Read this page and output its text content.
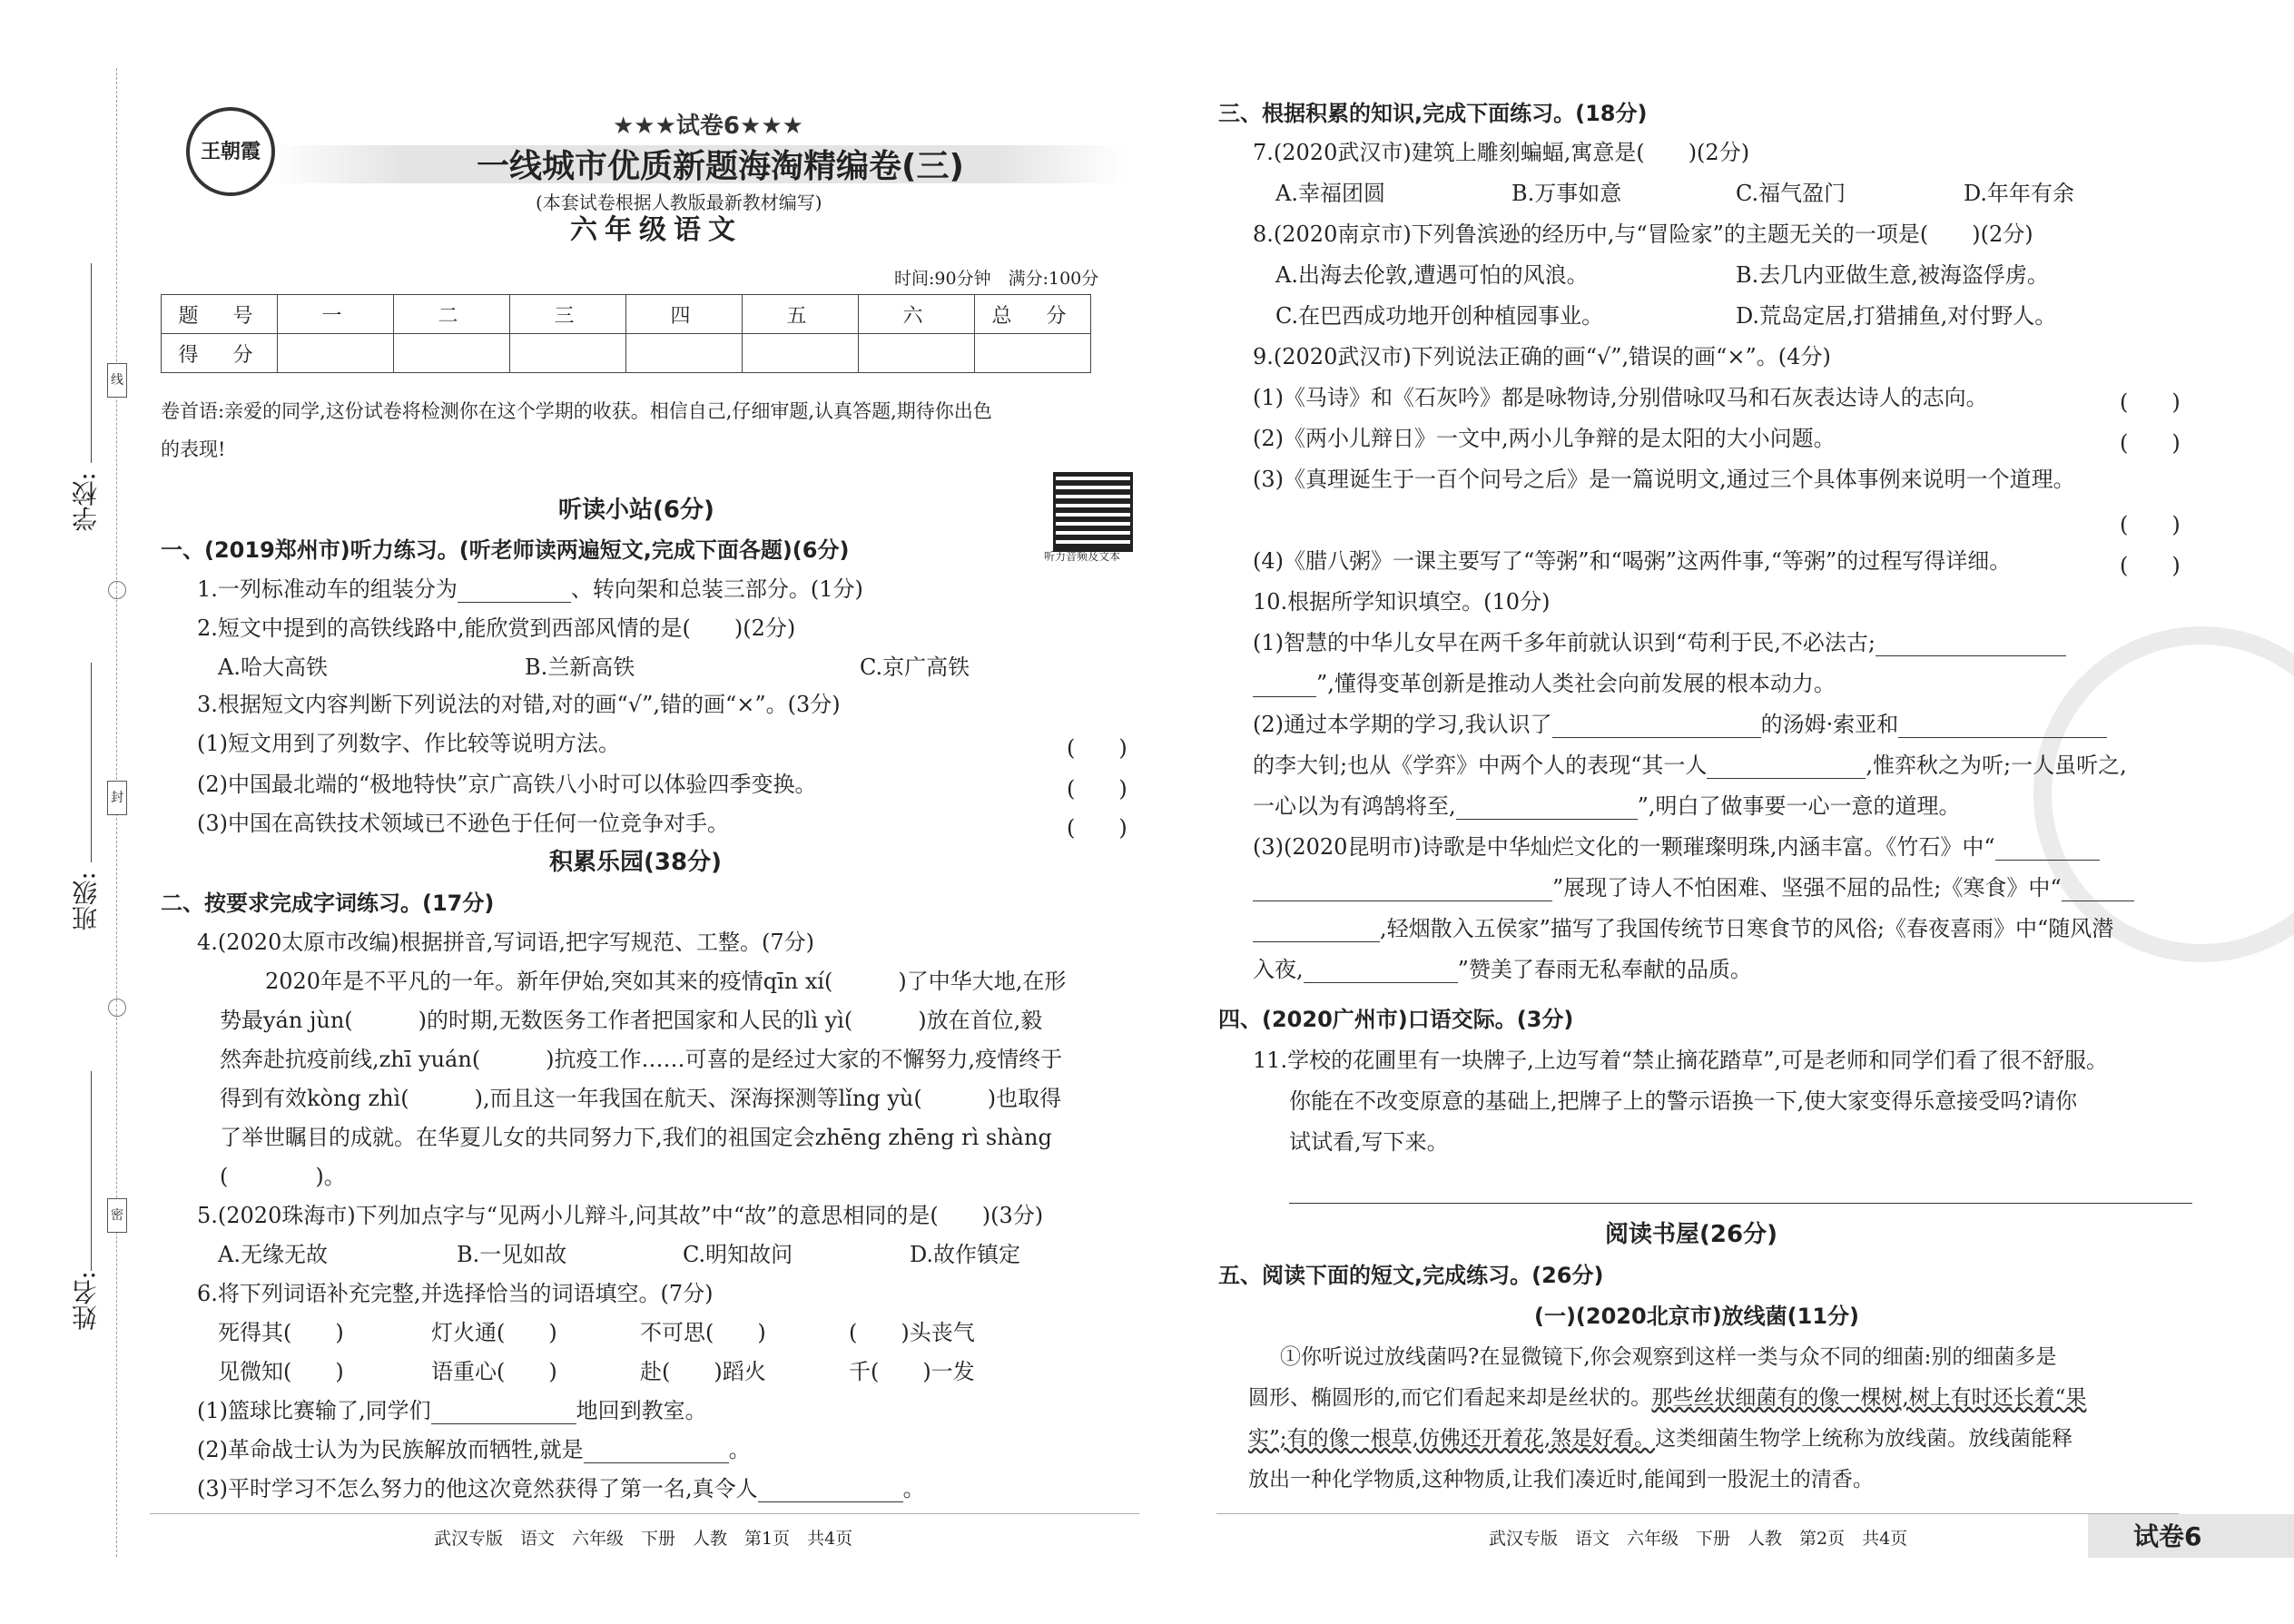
线
封
密
学校:
班级:
姓名:
王朝霞
★★★试卷6★★★
一线城市优质新题海淘精编卷(三)
(本套试卷根据人教版最新教材编写)
六年级语文
时间:90分钟　满分:100分
题　号	一	二	三	四	五	六	总　分
得　分							
卷首语:亲爱的同学,这份试卷将检测你在这个学期的收获。相信自己,仔细审题,认真答题,期待你出色
的表现!
听力音频及文本
听读小站(6分)
一、(2019郑州市)听力练习。(听老师读两遍短文,完成下面各题)(6分)
1.一列标准动车的组装分为	、转向架和总装三部分。(1分)
2.短文中提到的高铁线路中,能欣赏到西部风情的是(　　)(2分)
A.哈大高铁	B.兰新高铁	C.京广高铁
3.根据短文内容判断下列说法的对错,对的画“√”,错的画“×”。(3分)
(1)短文用到了列数字、作比较等说明方法。	(　　)
(2)中国最北端的“极地特快”京广高铁八小时可以体验四季变换。	(　　)
(3)中国在高铁技术领域已不逊色于任何一位竞争对手。	(　　)
积累乐园(38分)
二、按要求完成字词练习。(17分)
4.(2020太原市改编)根据拼音,写词语,把字写规范、工整。(7分)
2020年是不平凡的一年。新年伊始,突如其来的疫情qīn xí(　　　)了中华大地,在形
势最yán jùn(　　　)的时期,无数医务工作者把国家和人民的lì yì(　　　)放在首位,毅
然奔赴抗疫前线,zhī yuán(　　　)抗疫工作……可喜的是经过大家的不懈努力,疫情终于
得到有效kòng zhì(　　　),而且这一年我国在航天、深海探测等lǐng yù(　　　)也取得
了举世瞩目的成就。在华夏儿女的共同努力下,我们的祖国定会zhēng zhēng rì shàng
(　　　　)。
5.(2020珠海市)下列加点字与“见两小儿辩斗,问其故”中“故”的意思相同的是(　　)(3分)
A.无缘无故	B.一见如故	C.明知故问	D.故作镇定
6.将下列词语补充完整,并选择恰当的词语填空。(7分)
死得其(　　)	灯火通(　　)	不可思(　　)	(　　)头丧气
见微知(　　)	语重心(　　)	赴(　　)蹈火	千(　　)一发
(1)篮球比赛输了,同学们	地回到教室。
(2)革命战士认为为民族解放而牺牲,就是	。
(3)平时学习不怎么努力的他这次竟然获得了第一名,真令人	。
武汉专版　语文　六年级　下册　人教　第1页　共4页
三、根据积累的知识,完成下面练习。(18分)
7.(2020武汉市)建筑上雕刻蝙蝠,寓意是(　　)(2分)
A.幸福团圆	B.万事如意	C.福气盈门	D.年年有余
8.(2020南京市)下列鲁滨逊的经历中,与“冒险家”的主题无关的一项是(　　)(2分)
A.出海去伦敦,遭遇可怕的风浪。	B.去几内亚做生意,被海盗俘虏。
C.在巴西成功地开创种植园事业。	D.荒岛定居,打猎捕鱼,对付野人。
9.(2020武汉市)下列说法正确的画“√”,错误的画“×”。(4分)
(1)《马诗》和《石灰吟》都是咏物诗,分别借咏叹马和石灰表达诗人的志向。	(　　)
(2)《两小儿辩日》一文中,两小儿争辩的是太阳的大小问题。	(　　)
(3)《真理诞生于一百个问号之后》是一篇说明文,通过三个具体事例来说明一个道理。
(　　)
(4)《腊八粥》一课主要写了“等粥”和“喝粥”这两件事,“等粥”的过程写得详细。	(　　)
10.根据所学知识填空。(10分)
(1)智慧的中华儿女早在两千多年前就认识到“苟利于民,不必法古;
”,懂得变革创新是推动人类社会向前发展的根本动力。
(2)通过本学期的学习,我认识了	的汤姆·索亚和
的李大钊;也从《学弈》中两个人的表现“其一人	,惟弈秋之为听;一人虽听之,
一心以为有鸿鹄将至,	”,明白了做事要一心一意的道理。
(3)(2020昆明市)诗歌是中华灿烂文化的一颗璀璨明珠,内涵丰富。《竹石》中“
”展现了诗人不怕困难、坚强不屈的品性;《寒食》中“
,轻烟散入五侯家”描写了我国传统节日寒食节的风俗;《春夜喜雨》中“随风潜
入夜,	”赞美了春雨无私奉献的品质。
四、(2020广州市)口语交际。(3分)
11.学校的花圃里有一块牌子,上边写着“禁止摘花踏草”,可是老师和同学们看了很不舒服。
你能在不改变原意的基础上,把牌子上的警示语换一下,使大家变得乐意接受吗?请你
试试看,写下来。
阅读书屋(26分)
五、阅读下面的短文,完成练习。(26分)
(一)(2020北京市)放线菌(11分)
①你听说过放线菌吗?在显微镜下,你会观察到这样一类与众不同的细菌:别的细菌多是
圆形、椭圆形的,而它们看起来却是丝状的。那些丝状细菌有的像一棵树,树上有时还长着“果
实”;有的像一根草,仿佛还开着花,煞是好看。这类细菌生物学上统称为放线菌。放线菌能释
放出一种化学物质,这种物质,让我们凑近时,能闻到一股泥土的清香。
武汉专版　语文　六年级　下册　人教　第2页　共4页	试卷6
